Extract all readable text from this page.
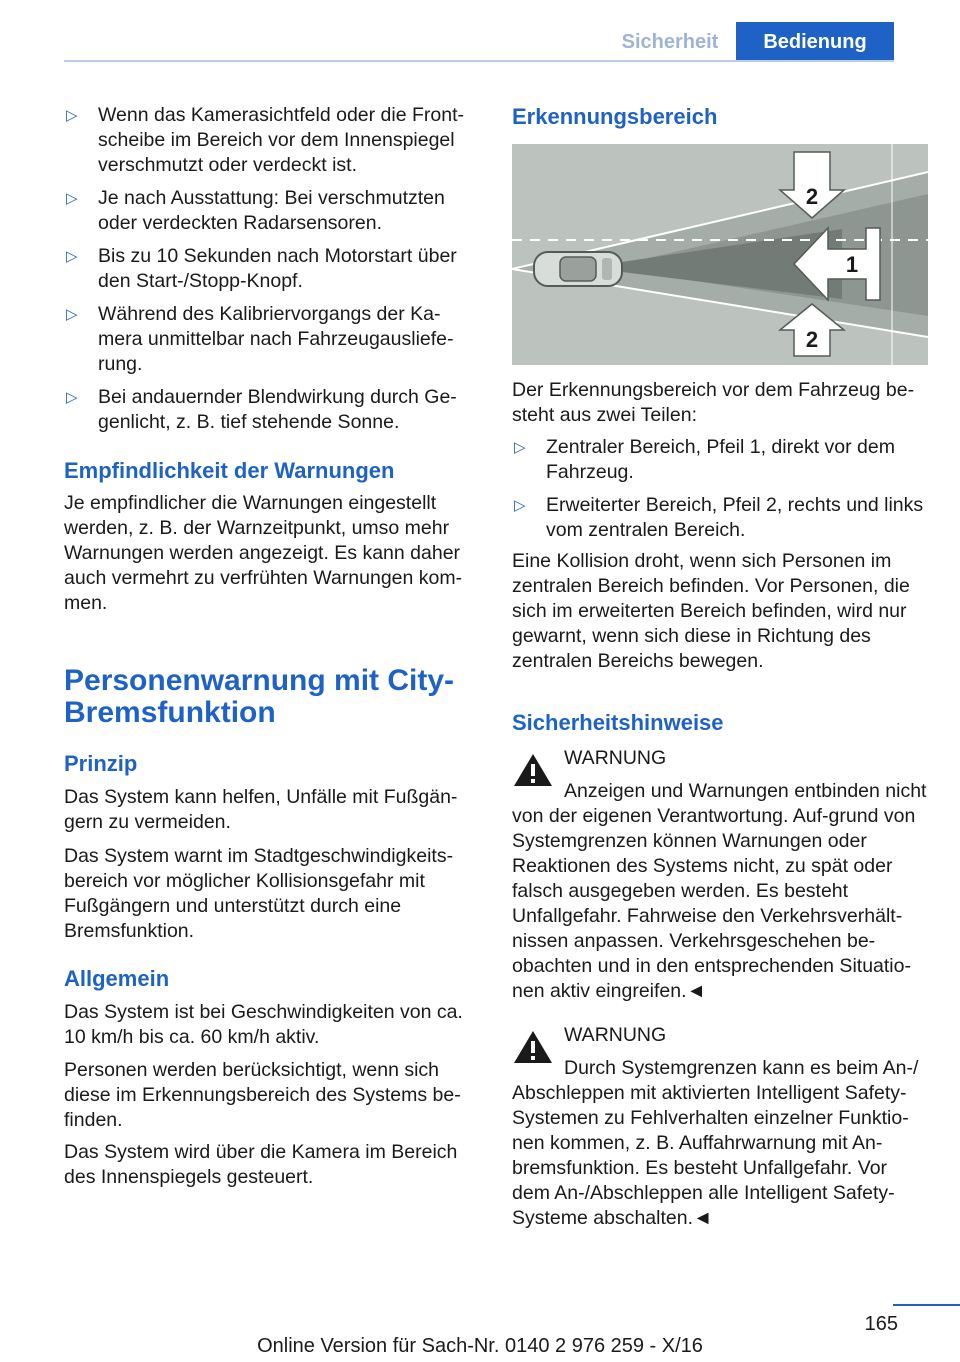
Sicherheit	Bedienung
▷ Wenn das Kamerasichtfeld oder die Front-scheibe im Bereich vor dem Innenspiegel verschmutzt oder verdeckt ist.
▷ Je nach Ausstattung: Bei verschmutzten oder verdeckten Radarsensoren.
▷ Bis zu 10 Sekunden nach Motorstart über den Start-/Stopp-Knopf.
▷ Während des Kalibriervorgangs der Ka-mera unmittelbar nach Fahrzeugausliefe-rung.
▷ Bei andauernder Blendwirkung durch Ge-genlicht, z. B. tief stehende Sonne.
Empfindlichkeit der Warnungen

Je empfindlicher die Warnungen eingestellt werden, z. B. der Warnzeitpunkt, umso mehr Warnungen werden angezeigt. Es kann daher auch vermehrt zu verfrühten Warnungen kom-men.

Personenwarnung mit City-
Bremsfunktion
Prinzip

Das System kann helfen, Unfälle mit Fußgän-gern zu vermeiden.

Das System warnt im Stadtgeschwindigkeits-bereich vor möglicher Kollisionsgefahr mit Fußgängern und unterstützt durch eine Bremsfunktion.

Allgemein

Das System ist bei Geschwindigkeiten von ca. 10 km/h bis ca. 60 km/h aktiv.

Personen werden berücksichtigt, wenn sich diese im Erkennungsbereich des Systems be-finden.

Das System wird über die Kamera im Bereich des Innenspiegels gesteuert.

Erkennungsbereich

Der Erkennungsbereich vor dem Fahrzeug be-steht aus zwei Teilen:

▷ Zentraler Bereich, Pfeil 1, direkt vor dem Fahrzeug.
▷ Erweiterter Bereich, Pfeil 2, rechts und links vom zentralen Bereich.

Eine Kollision droht, wenn sich Personen im zentralen Bereich befinden. Vor Personen, die sich im erweiterten Bereich befinden, wird nur gewarnt, wenn sich diese in Richtung des zentralen Bereichs bewegen.

Sicherheitshinweise
WARNUNG

Anzeigen und Warnungen entbinden nicht von der eigenen Verantwortung. Auf-grund von Systemgrenzen können Warnungen oder Reaktionen des Systems nicht, zu spät oder falsch ausgegeben werden. Es besteht Unfallgefahr. Fahrweise den Verkehrsverhält-nissen anpassen. Verkehrsgeschehen be-obachten und in den entsprechenden Situatio-nen aktiv eingreifen.◄

WARNUNG

Durch Systemgrenzen kann es beim An-/ Abschleppen mit aktivierten Intelligent Safety-Systemen zu Fehlverhalten einzelner Funktio-nen kommen, z. B. Auffahrwarnung mit An-bremsfunktion. Es besteht Unfallgefahr. Vor dem An-/Abschleppen alle Intelligent Safety-Systeme abschalten.◄

2
1
2
165
Online Version für Sach-Nr. 0140 2 976 259 - X/16
